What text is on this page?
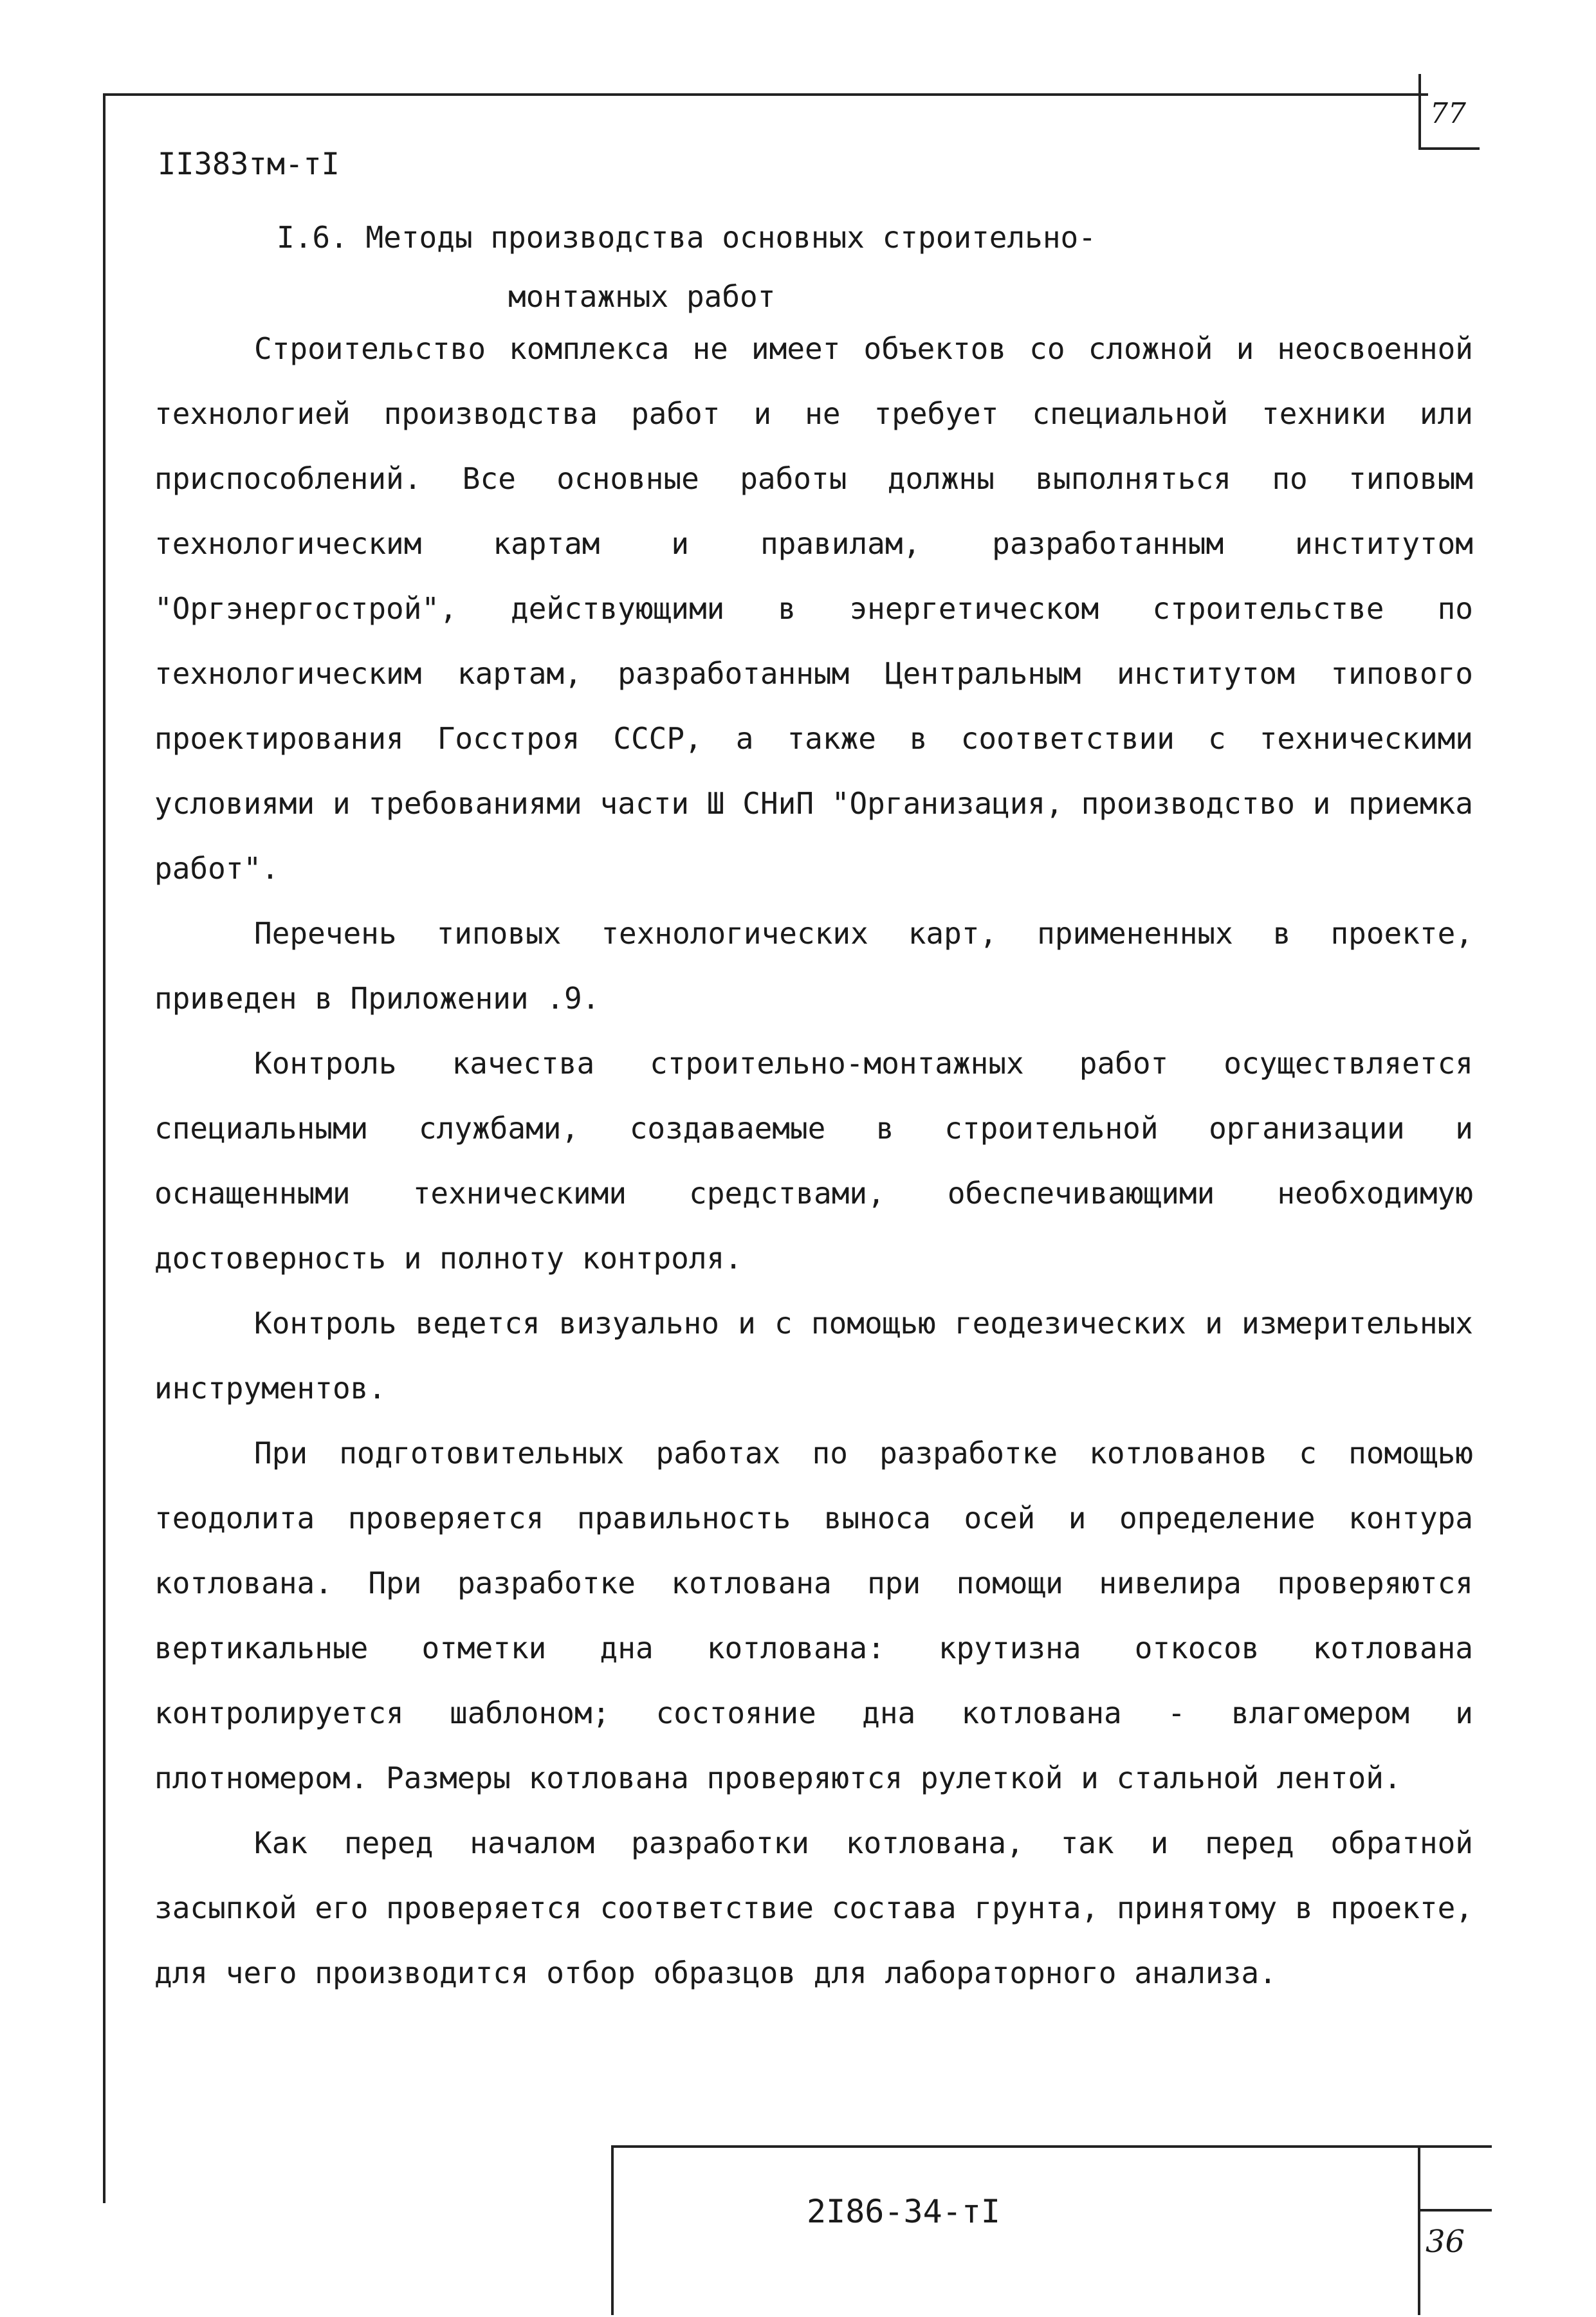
77
II383тм-тI
I.6. Методы производства основных строительно-
монтажных работ

Строительство комплекса не имеет объектов со сложной и неосвоенной технологией производства работ и не требует специальной техники или приспособлений. Все основные работы должны выполняться по типовым технологическим картам и правилам, разработанным институтом "Оргэнергострой", действующими в энергетическом строительстве по технологическим картам, разработанным Центральным институтом типового проектирования Госстроя СССР, а также в соответствии с техническими условиями и требованиями части Ш СНиП "Организация, производство и приемка работ".

Перечень типовых технологических карт, примененных в проекте, приведен в Приложении .9.

Контроль качества строительно-монтажных работ осуществляется специальными службами, создаваемые в строительной организации и оснащенными техническими средствами, обеспечивающими необходимую достоверность и полноту контроля.

Контроль ведется визуально и с помощью геодезических и измерительных инструментов.

При подготовительных работах по разработке котлованов с помощью теодолита проверяется правильность выноса осей и определение контура котлована. При разработке котлована при помощи нивелира проверяются вертикальные отметки дна котлована: крутизна откосов котлована контролируется шаблоном; состояние дна котлована - влагомером и плотномером. Размеры котлована проверяются рулеткой и стальной лентой.

Как перед началом разработки котлована, так и перед обратной засыпкой его проверяется соответствие состава грунта, принятому в проекте, для чего производится отбор образцов для лабораторного анализа.

2I86-34-тI
36
